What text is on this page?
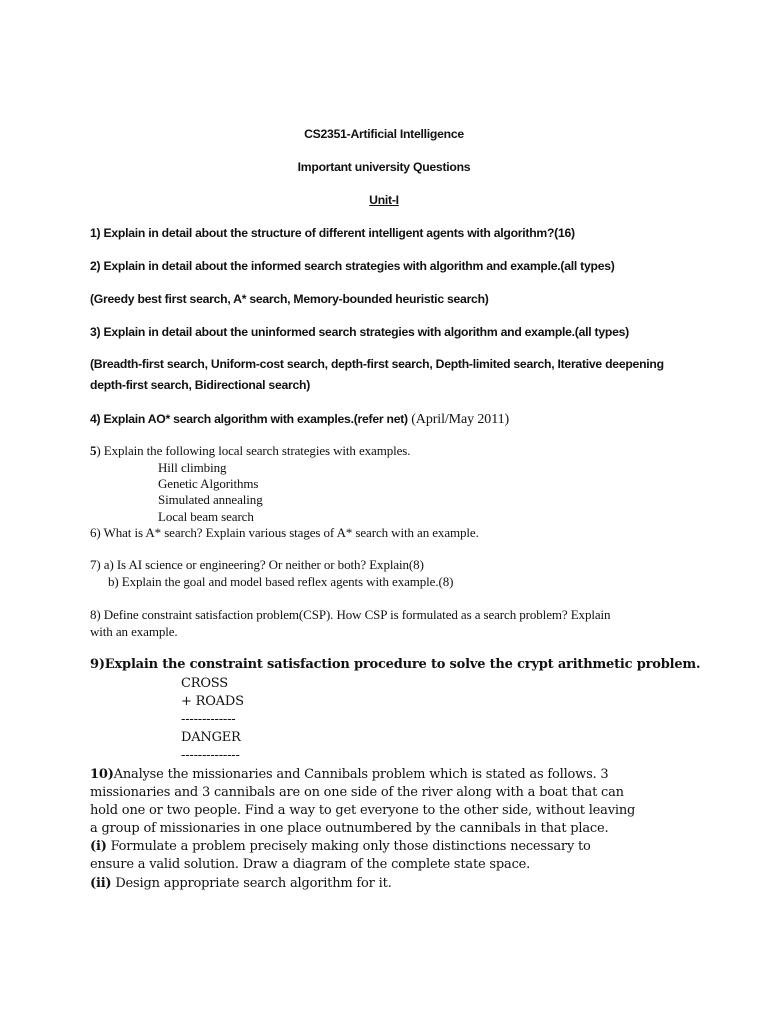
CS2351-Artificial Intelligence
Important university Questions
Unit-I
1) Explain in detail about the structure of different intelligent agents with algorithm?(16)
2) Explain in detail about the informed search strategies with algorithm and example.(all types)
(Greedy best first search, A* search, Memory-bounded heuristic search)
3) Explain in detail about the uninformed search strategies with algorithm and example.(all types)
(Breadth-first search, Uniform-cost search, depth-first search, Depth-limited search, Iterative deepening
depth-first search, Bidirectional search)
4) Explain AO* search algorithm with examples.(refer net) (April/May 2011)
5) Explain the following local search strategies with examples.
Hill climbing
Genetic Algorithms
Simulated annealing
Local beam search
6) What is A* search? Explain various stages of A* search with an example.
7) a) Is AI science or engineering? Or neither or both? Explain(8)
b) Explain the goal and model based reflex agents with example.(8)
8) Define constraint satisfaction problem(CSP). How CSP is formulated as a search problem? Explain
with an example.
9)Explain the constraint satisfaction procedure to solve the crypt arithmetic problem.
CROSS
+ ROADS
-------------
DANGER
--------------
10)Analyse the missionaries and Cannibals problem which is stated as follows. 3
missionaries and 3 cannibals are on one side of the river along with a boat that can
hold one or two people. Find a way to get everyone to the other side, without leaving
a group of missionaries in one place outnumbered by the cannibals in that place.
(i) Formulate a problem precisely making only those distinctions necessary to
ensure a valid solution. Draw a diagram of the complete state space.
(ii) Design appropriate search algorithm for it.
